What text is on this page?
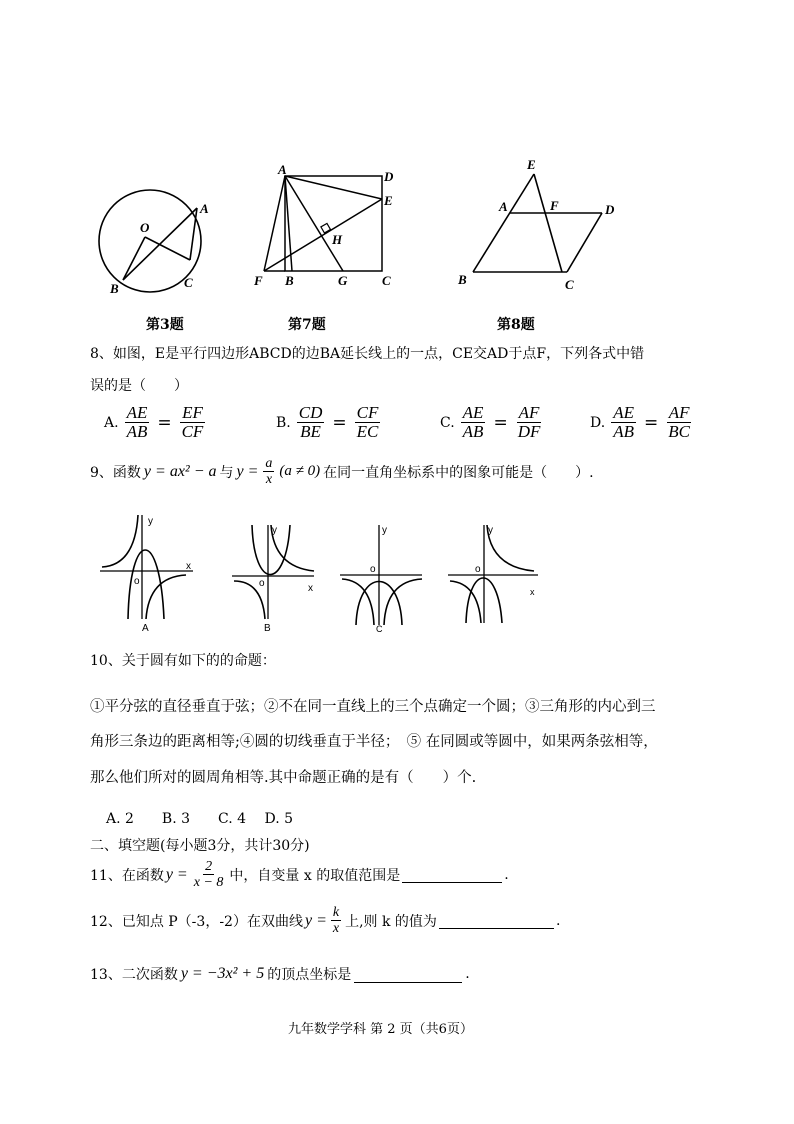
O
A
B	C
A	D
E
H
F B	G	C
E
A	F	D
B	C
第3题	第7题	第8题
8、如图，E是平行四边形ABCD的边BA延长线上的一点，CE交AD于点F，下列各式中错
误的是（　　）
A. $\frac{AE}{AB} = \frac{EF}{CF}$	B. $\frac{CD}{BE} = \frac{CF}{EC}$	C. $\frac{AE}{AB} = \frac{AF}{DF}$	D. $\frac{AE}{AB} = \frac{AF}{BC}$
9、函数 y = ax² − a 与 $y = \frac{a}{x} (a \ne 0)$ 在同一直角坐标系中的图象可能是（　　）.
y
x
o
A
y
x
o
B
y
o
C
y
x
o
10、关于圆有如下的的命题：
①平分弦的直径垂直于弦；②不在同一直线上的三个点确定一个圆；③三角形的内心到三
角形三条边的距离相等;④圆的切线垂直于半径；　⑤ 在同圆或等圆中，如果两条弦相等，
那么他们所对的圆周角相等.其中命题正确的是有（　　）个.
A. 2　　B. 3　　C. 4　 D. 5
二、填空题(每小题3分，共计30分)
11、在函数 $y = \frac{2}{x - 8}$ 中，自变量 x 的取值范围是	.
12、已知点 P（-3，-2）在双曲线 $y = \frac{k}{x}$ 上,则 k 的值为	.
13、二次函数 y = −3x² + 5 的顶点坐标是	.
九年数学学科 第 2 页（共6页）
